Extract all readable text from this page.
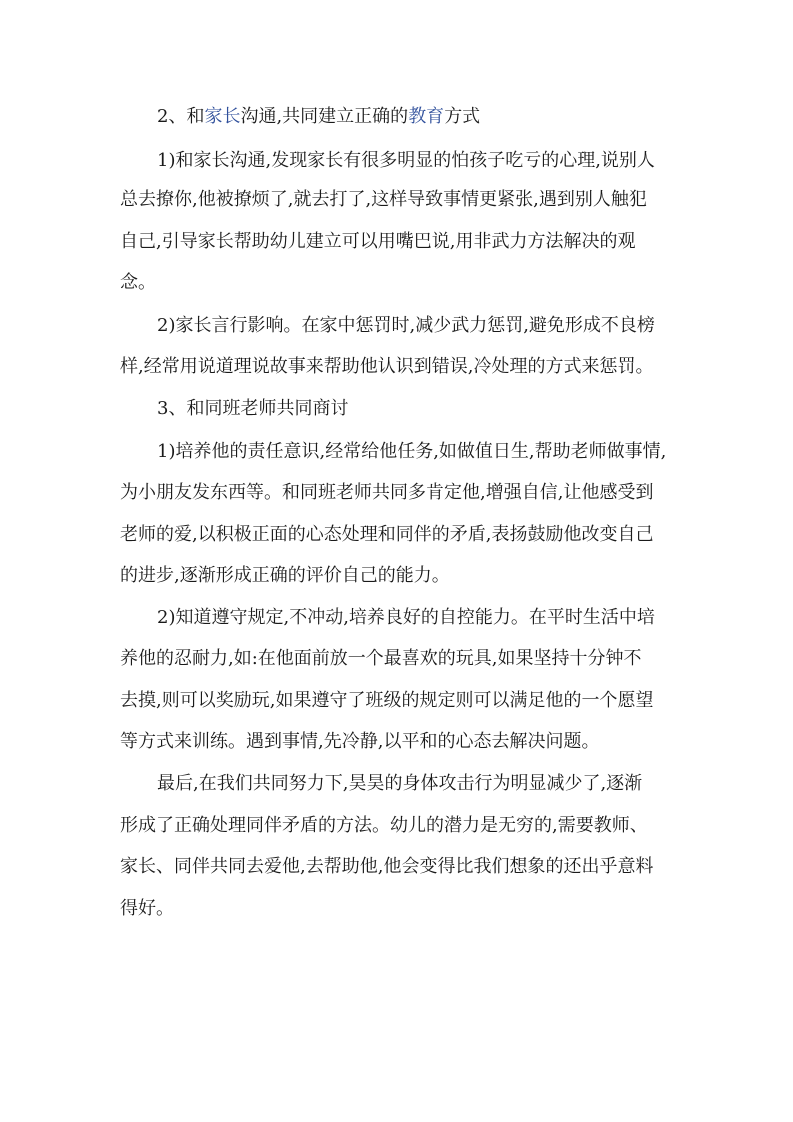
2、和家长沟通,共同建立正确的教育方式
1)和家长沟通,发现家长有很多明显的怕孩子吃亏的心理,说别人
总去撩你,他被撩烦了,就去打了,这样导致事情更紧张,遇到别人触犯
自己,引导家长帮助幼儿建立可以用嘴巴说,用非武力方法解决的观
念。
2)家长言行影响。在家中惩罚时,减少武力惩罚,避免形成不良榜
样,经常用说道理说故事来帮助他认识到错误,冷处理的方式来惩罚。
3、和同班老师共同商讨
1)培养他的责任意识,经常给他任务,如做值日生,帮助老师做事情,
为小朋友发东西等。和同班老师共同多肯定他,增强自信,让他感受到
老师的爱,以积极正面的心态处理和同伴的矛盾,表扬鼓励他改变自己
的进步,逐渐形成正确的评价自己的能力。
2)知道遵守规定,不冲动,培养良好的自控能力。在平时生活中培
养他的忍耐力,如:在他面前放一个最喜欢的玩具,如果坚持十分钟不
去摸,则可以奖励玩,如果遵守了班级的规定则可以满足他的一个愿望
等方式来训练。遇到事情,先冷静,以平和的心态去解决问题。
最后,在我们共同努力下,昊昊的身体攻击行为明显减少了,逐渐
形成了正确处理同伴矛盾的方法。幼儿的潜力是无穷的,需要教师、
家长、同伴共同去爱他,去帮助他,他会变得比我们想象的还出乎意料
得好。
